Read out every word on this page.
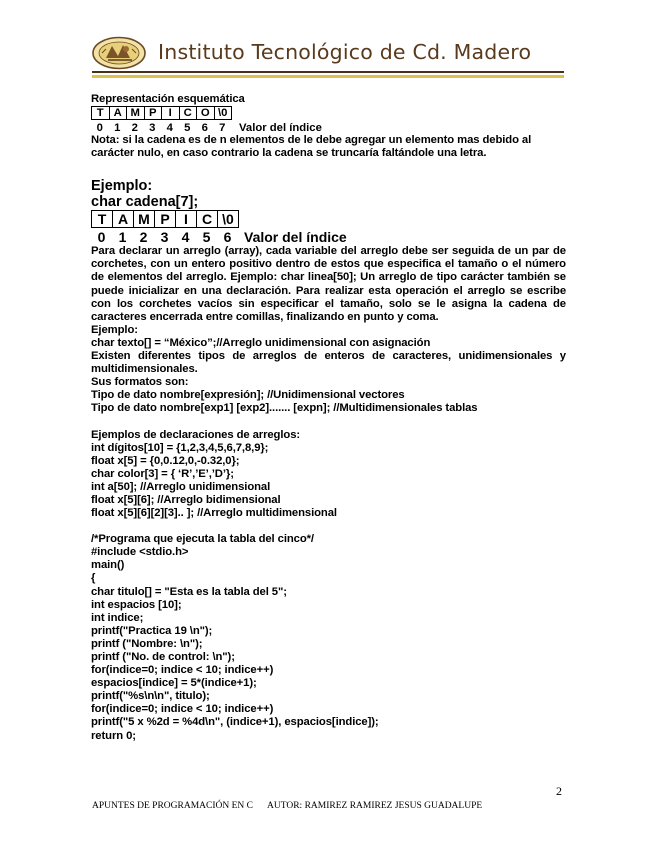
Instituto Tecnológico de Cd. Madero
Representación esquemática
T	A	M	P	I	C	O	\0
0 1 2 3 4 5 6 7	Valor del índice
Nota: si la cadena es de n elementos de le debe agregar un elemento mas debido al
carácter nulo, en caso contrario la cadena se truncaría faltándole una letra.
Ejemplo:
char cadena[7];
T	A	M	P	I	C	\0
0 1 2 3 4 5 6 Valor del índice
Para declarar un arreglo (array), cada variable del arreglo debe ser seguida de un par de corchetes, con un entero positivo dentro de estos que especifica el tamaño o el número de elementos del arreglo. Ejemplo: char linea[50]; Un arreglo de tipo carácter también se puede inicializar en una declaración. Para realizar esta operación el arreglo se escribe con los corchetes vacíos sin especificar el tamaño, solo se le asigna la cadena de caracteres encerrada entre comillas, finalizando en punto y coma.
Ejemplo:
char texto[] = “México”;//Arreglo unidimensional con asignación
Existen diferentes tipos de arreglos de enteros de caracteres, unidimensionales y multidimensionales.
Sus formatos son:
Tipo de dato nombre[expresión]; //Unidimensional vectores
Tipo de dato nombre[exp1] [exp2]....... [expn]; //Multidimensionales tablas
Ejemplos de declaraciones de arreglos:
int dígitos[10] = {1,2,3,4,5,6,7,8,9};
float x[5] = {0,0.12,0,-0.32,0};
char color[3] = { ‘R’,’E’,’D’};
int a[50]; //Arreglo unidimensional
float x[5][6]; //Arreglo bidimensional
float x[5][6][2][3].. ]; //Arreglo multidimensional
/*Programa que ejecuta la tabla del cinco*/
#include <stdio.h>
main()
{
char titulo[] = "Esta es la tabla del 5";
int espacios [10];
int indice;
printf("Practica 19 \n");
printf ("Nombre: \n");
printf ("No. de control: \n");
for(indice=0; indice < 10; indice++)
espacios[indice] = 5*(indice+1);
printf("%s\n\n", titulo);
for(indice=0; indice < 10; indice++)
printf("5 x %2d = %4d\n", (indice+1), espacios[indice]);
return 0;
2
APUNTES DE PROGRAMACIÓN EN C AUTOR: RAMIREZ RAMIREZ JESUS GUADALUPE
